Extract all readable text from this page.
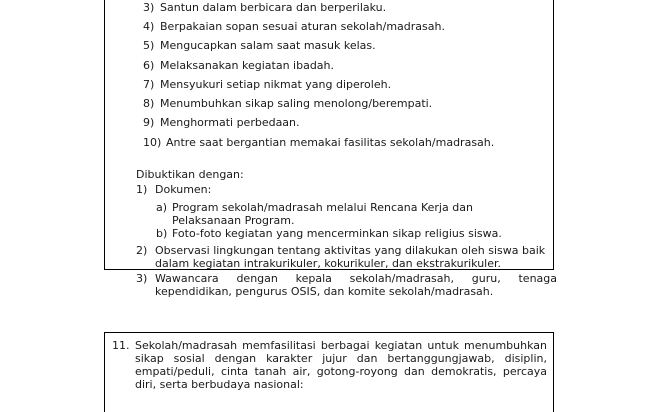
3) Santun dalam berbicara dan berperilaku.
4) Berpakaian sopan sesuai aturan sekolah/madrasah.
5) Mengucapkan salam saat masuk kelas.
6) Melaksanakan kegiatan ibadah.
7) Mensyukuri setiap nikmat yang diperoleh.
8) Menumbuhkan sikap saling menolong/berempati.
9) Menghormati perbedaan.
10) Antre saat bergantian memakai fasilitas sekolah/madrasah.
Dibuktikan dengan:
1) Dokumen:
a) Program sekolah/madrasah melalui Rencana Kerja dan
Pelaksanaan Program.
b) Foto-foto kegiatan yang mencerminkan sikap religius siswa.
2) Observasi lingkungan tentang aktivitas yang dilakukan oleh siswa baik
dalam kegiatan intrakurikuler, kokurikuler, dan ekstrakurikuler.
3) Wawancara dengan kepala sekolah/madrasah, guru, tenaga
kependidikan, pengurus OSIS, dan komite sekolah/madrasah.
11. Sekolah/madrasah memfasilitasi berbagai kegiatan untuk menumbuhkan
sikap sosial dengan karakter jujur dan bertanggungjawab, disiplin,
empati/peduli, cinta tanah air, gotong-royong dan demokratis, percaya
diri, serta berbudaya nasional:
